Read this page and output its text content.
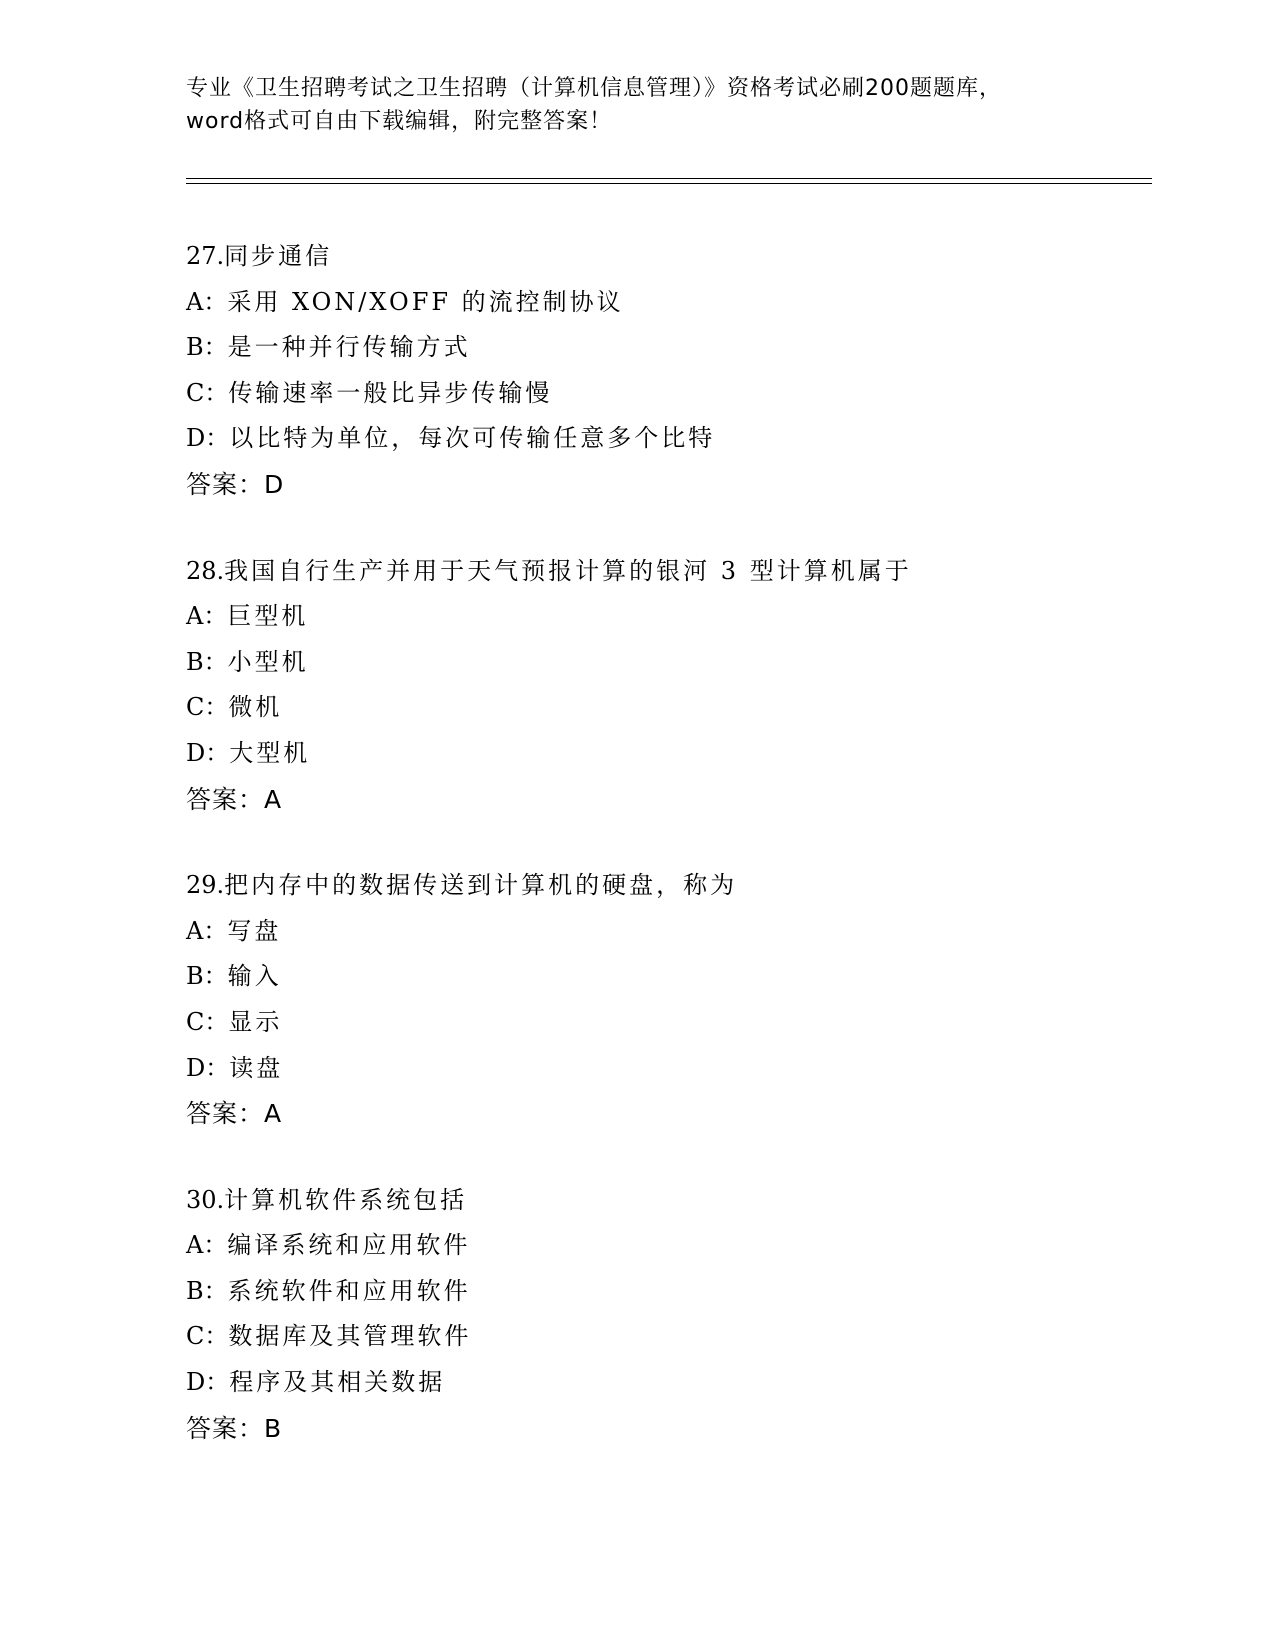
专业《卫生招聘考试之卫生招聘（计算机信息管理）》资格考试必刷200题题库，
word格式可自由下载编辑，附完整答案！
27.同步通信
A：采用 XON/XOFF 的流控制协议
B：是一种并行传输方式
C：传输速率一般比异步传输慢
D：以比特为单位，每次可传输任意多个比特
答案：D
28.我国自行生产并用于天气预报计算的银河 3 型计算机属于
A：巨型机
B：小型机
C：微机
D：大型机
答案：A
29.把内存中的数据传送到计算机的硬盘，称为
A：写盘
B：输入
C：显示
D：读盘
答案：A
30.计算机软件系统包括
A：编译系统和应用软件
B：系统软件和应用软件
C：数据库及其管理软件
D：程序及其相关数据
答案：B
